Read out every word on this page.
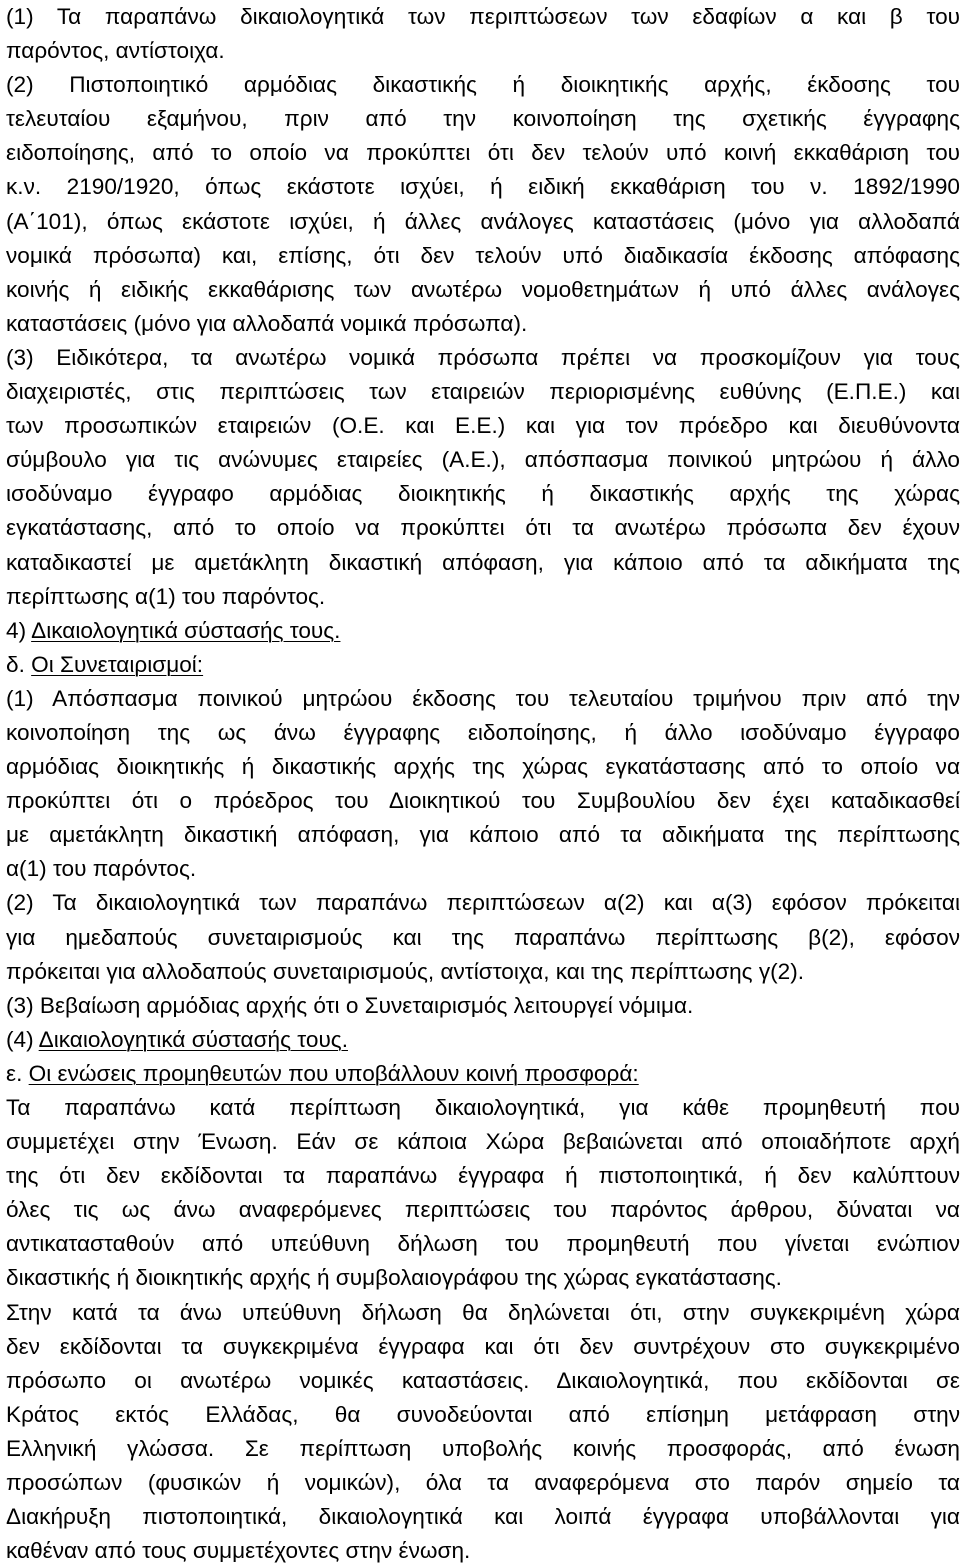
(1) Τα παραπάνω δικαιολογητικά των περιπτώσεων των εδαφίων α και β του
παρόντος, αντίστοιχα.
(2) Πιστοποιητικό αρμόδιας δικαστικής ή διοικητικής αρχής, έκδοσης του
τελευταίου εξαμήνου, πριν από την κοινοποίηση της σχετικής έγγραφης
ειδοποίησης, από το οποίο να προκύπτει ότι δεν τελούν υπό κοινή εκκαθάριση του
κ.ν. 2190/1920, όπως εκάστοτε ισχύει, ή ειδική εκκαθάριση του ν. 1892/1990
(Α΄101), όπως εκάστοτε ισχύει, ή άλλες ανάλογες καταστάσεις (μόνο για αλλοδαπά
νομικά πρόσωπα) και, επίσης, ότι δεν τελούν υπό διαδικασία έκδοσης απόφασης
κοινής ή ειδικής εκκαθάρισης των ανωτέρω νομοθετημάτων ή υπό άλλες ανάλογες
καταστάσεις (μόνο για αλλοδαπά νομικά πρόσωπα).
(3) Ειδικότερα, τα ανωτέρω νομικά πρόσωπα πρέπει να προσκομίζουν για τους
διαχειριστές, στις περιπτώσεις των εταιρειών περιορισμένης ευθύνης (Ε.Π.Ε.) και
των προσωπικών εταιρειών (Ο.Ε. και Ε.Ε.) και για τον πρόεδρο και διευθύνοντα
σύμβουλο για τις ανώνυμες εταιρείες (Α.Ε.), απόσπασμα ποινικού μητρώου ή άλλο
ισοδύναμο έγγραφο αρμόδιας διοικητικής ή δικαστικής αρχής της χώρας
εγκατάστασης, από το οποίο να προκύπτει ότι τα ανωτέρω πρόσωπα δεν έχουν
καταδικαστεί με αμετάκλητη δικαστική απόφαση, για κάποιο από τα αδικήματα της
περίπτωσης α(1) του παρόντος.
4) Δικαιολογητικά σύστασής τους.
δ. Οι Συνεταιρισμοί:
(1) Απόσπασμα ποινικού μητρώου έκδοσης του τελευταίου τριμήνου πριν από την
κοινοποίηση της ως άνω έγγραφης ειδοποίησης, ή άλλο ισοδύναμο έγγραφο
αρμόδιας διοικητικής ή δικαστικής αρχής της χώρας εγκατάστασης από το οποίο να
προκύπτει ότι ο πρόεδρος του Διοικητικού του Συμβουλίου δεν έχει καταδικασθεί
με αμετάκλητη δικαστική απόφαση, για κάποιο από τα αδικήματα της περίπτωσης
α(1) του παρόντος.
(2) Τα δικαιολογητικά των παραπάνω περιπτώσεων α(2) και α(3) εφόσον πρόκειται
για ημεδαπούς συνεταιρισμούς και της παραπάνω περίπτωσης β(2), εφόσον
πρόκειται για αλλοδαπούς συνεταιρισμούς, αντίστοιχα, και της περίπτωσης γ(2).
(3) Βεβαίωση αρμόδιας αρχής ότι ο Συνεταιρισμός λειτουργεί νόμιμα.
(4) Δικαιολογητικά σύστασής τους.
ε. Οι ενώσεις προμηθευτών που υποβάλλουν κοινή προσφορά:
Τα παραπάνω κατά περίπτωση δικαιολογητικά, για κάθε προμηθευτή που
συμμετέχει στην Ένωση. Εάν σε κάποια Χώρα βεβαιώνεται από οποιαδήποτε αρχή
της ότι δεν εκδίδονται τα παραπάνω έγγραφα ή πιστοποιητικά, ή δεν καλύπτουν
όλες τις ως άνω αναφερόμενες περιπτώσεις του παρόντος άρθρου, δύναται να
αντικατασταθούν από υπεύθυνη δήλωση του προμηθευτή που γίνεται ενώπιον
δικαστικής ή διοικητικής αρχής ή συμβολαιογράφου της χώρας εγκατάστασης.
Στην κατά τα άνω υπεύθυνη δήλωση θα δηλώνεται ότι, στην συγκεκριμένη χώρα
δεν εκδίδονται τα συγκεκριμένα έγγραφα και ότι δεν συντρέχουν στο συγκεκριμένο
πρόσωπο οι ανωτέρω νομικές καταστάσεις. Δικαιολογητικά, που εκδίδονται σε
Κράτος εκτός Ελλάδας, θα συνοδεύονται από επίσημη μετάφραση στην
Ελληνική γλώσσα. Σε περίπτωση υποβολής κοινής προσφοράς, από ένωση
προσώπων (φυσικών ή νομικών), όλα τα αναφερόμενα στο παρόν σημείο τα
Διακήρυξη πιστοποιητικά, δικαιολογητικά και λοιπά έγγραφα υποβάλλονται για
καθέναν από τους συμμετέχοντες στην ένωση.
